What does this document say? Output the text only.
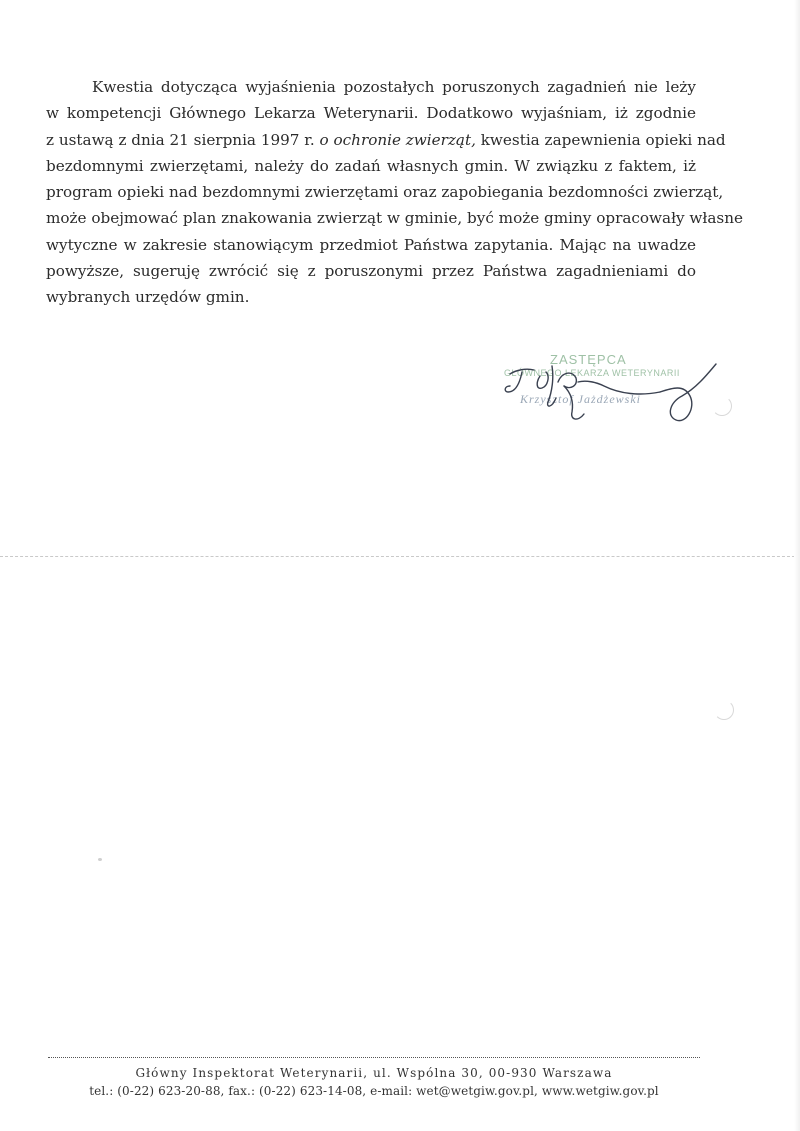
Kwestia dotycząca wyjaśnienia pozostałych poruszonych zagadnień nie leży
w kompetencji Głównego Lekarza Weterynarii. Dodatkowo wyjaśniam, iż zgodnie
z ustawą z dnia 21 sierpnia 1997 r. o ochronie zwierząt, kwestia zapewnienia opieki nad
bezdomnymi zwierzętami, należy do zadań własnych gmin. W związku z faktem, iż
program opieki nad bezdomnymi zwierzętami oraz zapobiegania bezdomności zwierząt,
może obejmować plan znakowania zwierząt w gminie, być może gminy opracowały własne
wytyczne w zakresie stanowiącym przedmiot Państwa zapytania. Mając na uwadze
powyższe, sugeruję zwrócić się z poruszonymi przez Państwa zagadnieniami do
wybranych urzędów gmin.
ZASTĘPCA
GŁÓWNEGO LEKARZA WETERYNARII
Krzysztof Jażdżewski
Główny Inspektorat Weterynarii, ul. Wspólna 30, 00-930 Warszawa
tel.: (0-22) 623-20-88, fax.: (0-22) 623-14-08, e-mail: wet@wetgiw.gov.pl, www.wetgiw.gov.pl
